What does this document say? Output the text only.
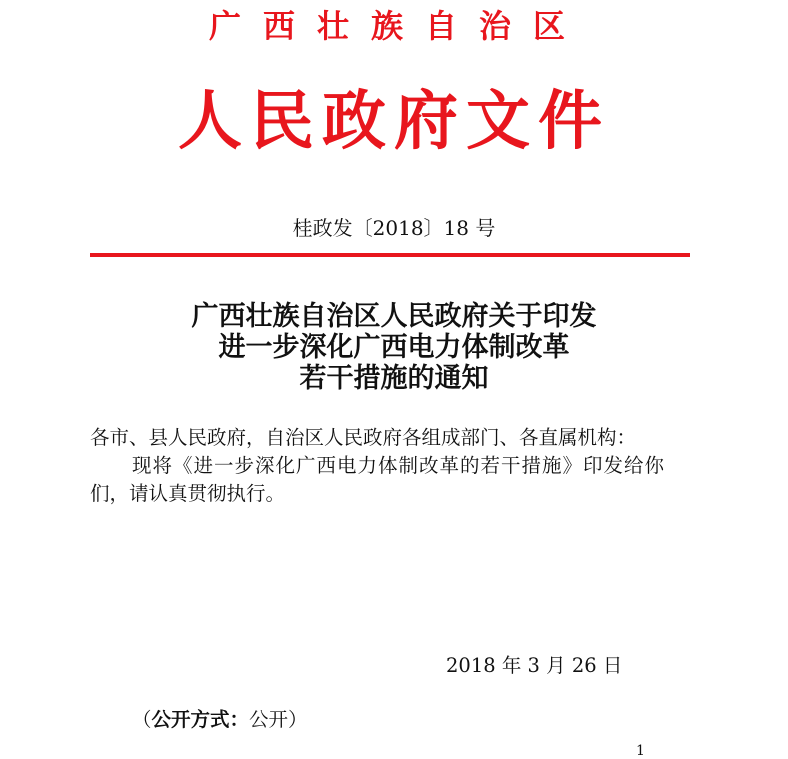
广西壮族自治区
人民政府文件
桂政发〔2018〕18 号
广西壮族自治区人民政府关于印发
进一步深化广西电力体制改革
若干措施的通知
各市、县人民政府，自治区人民政府各组成部门、各直属机构：
现将《进一步深化广西电力体制改革的若干措施》印发给你
们，请认真贯彻执行。
2018 年 3 月 26 日
（公开方式：公开）
1
